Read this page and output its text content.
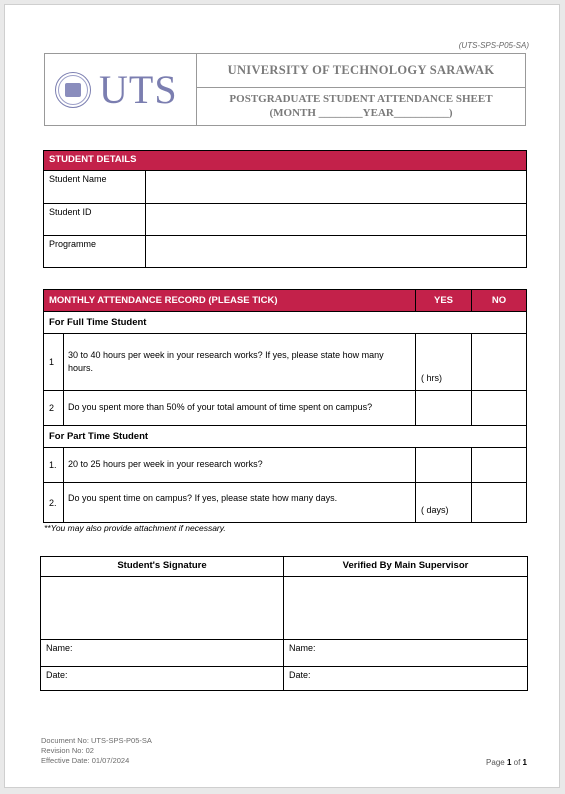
(UTS-SPS-P05-SA)
UTS	UNIVERSITY OF TECHNOLOGY SARAWAK
POSTGRADUATE STUDENT ATTENDANCE SHEET
(MONTH ________YEAR__________)
STUDENT DETAILS	
Student Name	
Student ID	
Programme	
MONTHLY ATTENDANCE RECORD (PLEASE TICK)		YES	NO
For Full Time Student			
1	30 to 40 hours per week in your research works? If yes, please state how many hours.	( hrs)	
2	Do you spent more than 50% of your total amount of time spent on campus?		
For Part Time Student			
1.	20 to 25 hours per week in your research works?		
2.	Do you spent time on campus? If yes, please state how many days.	( days)	
**You may also provide attachment if necessary.
Student's Signature	Verified By Main Supervisor

Name:	Name:
Date:	Date:
Document No: UTS-SPS-P05-SA
Revision No: 02
Effective Date: 01/07/2024	Page 1 of 1
